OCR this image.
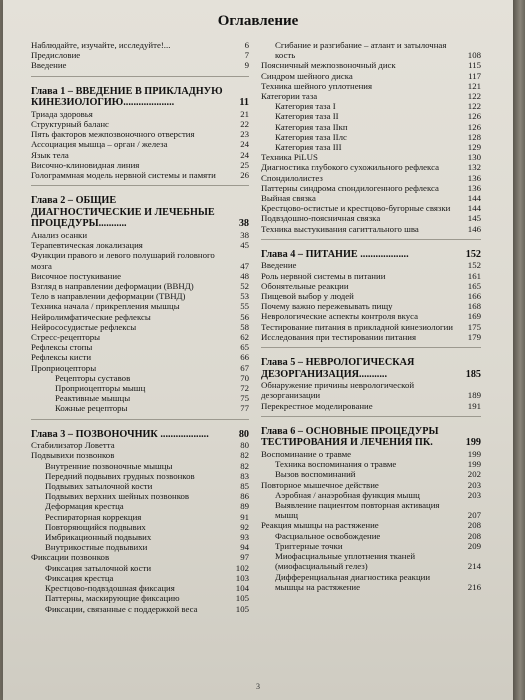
Оглавление
Наблюдайте, изучайте, исследуйте!...	6
Предисловие	7
Введение	9
Глава 1 – ВВЕДЕНИЕ В ПРИКЛАДНУЮ КИНЕЗИОЛОГИЮ....................	11
Триада здоровья	21
Структурный баланс	22
Пять факторов межпозвоночного отверстия	23
Ассоциация мышца – орган / железа	24
Язык тела	24
Височно-клиновидная линия	25
Голограммная модель нервной системы и памяти	26
Глава 2 – ОБЩИЕ ДИАГНОСТИЧЕСКИЕ И ЛЕЧЕБНЫЕ ПРОЦЕДУРЫ...........	38
Анализ осанки	38
Терапевтическая локализация	45
Функции правого и левого полушарий головного мозга	47
Височное постукивание	48
Взгляд в направлении деформации (ВВНД)	52
Тело в направлении деформации (ТВНД)	53
Техника начала / прикрепления мышцы	55
Нейролимфатические рефлексы	56
Нейрососудистые рефлексы	58
Стресс-рецепторы	62
Рефлексы стопы	65
Рефлексы кисти	66
Проприоцепторы	67
Рецепторы суставов	70
Проприоцепторы мышц	72
Реактивные мышцы	75
Кожные рецепторы	77
Глава 3 – ПОЗВОНОЧНИК ...................	80
Стабилизатор Ловетта	80
Подвывихи позвонков	82
Внутренние позвоночные мышцы	82
Передний подвывих грудных позвонков	83
Подвывих затылочной кости	85
Подвывих верхних шейных позвонков	86
Деформация крестца	89
Респираторная коррекция	91
Повторяющийся подвывих	92
Имбрикационный подвывих	93
Внутрикостные подвывихи	94
Фиксации позвонков	97
Фиксация затылочной кости	102
Фиксация крестца	103
Крестцово-подвздошная фиксация	104
Паттерны, маскирующие фиксацию	105
Фиксации, связанные с поддержкой веса	105
Сгибание и разгибание – атлант и затылочная кость	108
Поясничный межпозвоночный диск	115
Синдром шейного диска	117
Техника шейного уплотнения	121
Категории таза	122
Категория таза I	122
Категория таза II	126
Категория таза IIкп	126
Категория таза IIлс	128
Категория таза III	129
Техника PiLUS	130
Диагностика глубокого сухожильного рефлекса	132
Спондилолистез	136
Паттерны синдрома спондилогенного рефлекса	136
Выйная связка	144
Крестцово-остистые и крестцово-бугорные связки	144
Подвздошно-поясничная связка	145
Техника выстукивания сагиттального шва	146
Глава 4 – ПИТАНИЕ ...................	152
Введение	152
Роль нервной системы в питании	161
Обонятельные реакции	165
Пищевой выбор у людей	166
Почему важно пережевывать пищу	168
Неврологические аспекты контроля вкуса	169
Тестирование питания в прикладной кинезиологии	175
Исследования при тестировании питания	179
Глава 5 – НЕВРОЛОГИЧЕСКАЯ ДЕЗОРГАНИЗАЦИЯ...........	185
Обнаружение причины неврологической дезорганизации	189
Перекрестное моделирование	191
Глава 6 – ОСНОВНЫЕ ПРОЦЕДУРЫ ТЕСТИРОВАНИЯ И ЛЕЧЕНИЯ ПК.	199
Воспоминание о травме	199
Техника воспоминания о травме	199
Вызов воспоминаний	202
Повторное мышечное действие	203
Аэробная / анаэробная функция мышц	203
Выявление пациентом повторная активация мышц	207
Реакция мышцы на растяжение	208
Фасциальное освобождение	208
Триггерные точки	209
Миофасциальные уплотнения тканей (миофасциальный гелез)	214
Дифференциальная диагностика реакции мышцы на растяжение	216
3
